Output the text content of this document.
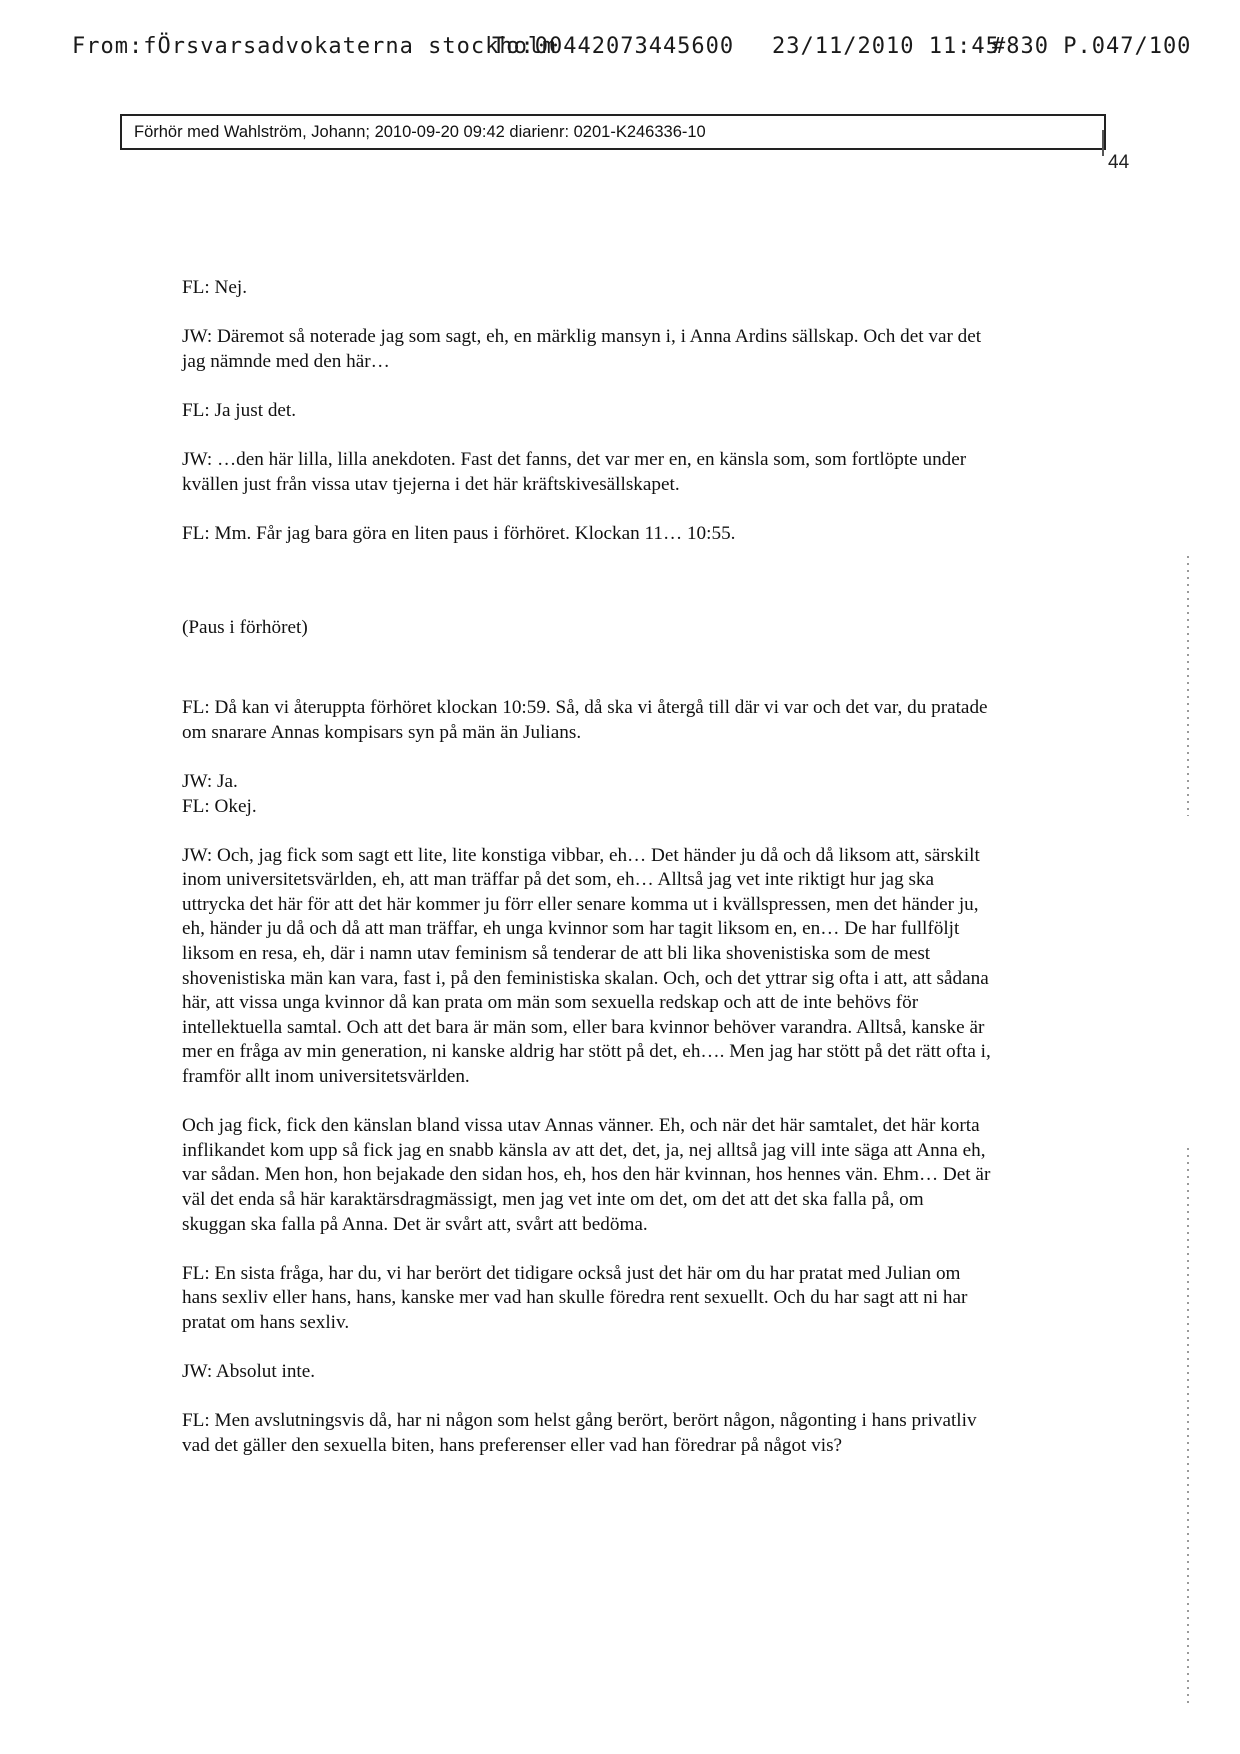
From:fÖrsvarsadvokaterna stockholm
To:00442073445600 23/11/2010 11:45
#830 P.047/100
Förhör med Wahlström, Johann; 2010-09-20 09:42 diarienr: 0201-K246336-10
44

FL: Nej.

JW: Däremot så noterade jag som sagt, eh, en märklig mansyn i, i Anna Ardins sällskap. Och det var det jag nämnde med den här…

FL: Ja just det.

JW: …den här lilla, lilla anekdoten. Fast det fanns, det var mer en, en känsla som, som fortlöpte under kvällen just från vissa utav tjejerna i det här kräftskivesällskapet.

FL: Mm. Får jag bara göra en liten paus i förhöret. Klockan 11… 10:55.

(Paus i förhöret)

FL: Då kan vi återuppta förhöret klockan 10:59. Så, då ska vi återgå till där vi var och det var, du pratade om snarare Annas kompisars syn på män än Julians.

JW: Ja.

FL: Okej.

JW: Och, jag fick som sagt ett lite, lite konstiga vibbar, eh… Det händer ju då och då liksom att, särskilt inom universitetsvärlden, eh, att man träffar på det som, eh… Alltså jag vet inte riktigt hur jag ska uttrycka det här för att det här kommer ju förr eller senare komma ut i kvällspressen, men det händer ju, eh, händer ju då och då att man träffar, eh unga kvinnor som har tagit liksom en, en… De har fullföljt liksom en resa, eh, där i namn utav feminism så tenderar de att bli lika shovenistiska som de mest shovenistiska män kan vara, fast i, på den feministiska skalan. Och, och det yttrar sig ofta i att, att sådana här, att vissa unga kvinnor då kan prata om män som sexuella redskap och att de inte behövs för intellektuella samtal. Och att det bara är män som, eller bara kvinnor behöver varandra. Alltså, kanske är mer en fråga av min generation, ni kanske aldrig har stött på det, eh…. Men jag har stött på det rätt ofta i, framför allt inom universitetsvärlden.

Och jag fick, fick den känslan bland vissa utav Annas vänner. Eh, och när det här samtalet, det här korta inflikandet kom upp så fick jag en snabb känsla av att det, det, ja, nej alltså jag vill inte säga att Anna eh, var sådan. Men hon, hon bejakade den sidan hos, eh, hos den här kvinnan, hos hennes vän. Ehm… Det är väl det enda så här karaktärsdragmässigt, men jag vet inte om det, om det att det ska falla på, om skuggan ska falla på Anna. Det är svårt att, svårt att bedöma.

FL: En sista fråga, har du, vi har berört det tidigare också just det här om du har pratat med Julian om hans sexliv eller hans, hans, kanske mer vad han skulle föredra rent sexuellt. Och du har sagt att ni har pratat om hans sexliv.

JW: Absolut inte.

FL: Men avslutningsvis då, har ni någon som helst gång berört, berört någon, någonting i hans privatliv vad det gäller den sexuella biten, hans preferenser eller vad han föredrar på något vis?
